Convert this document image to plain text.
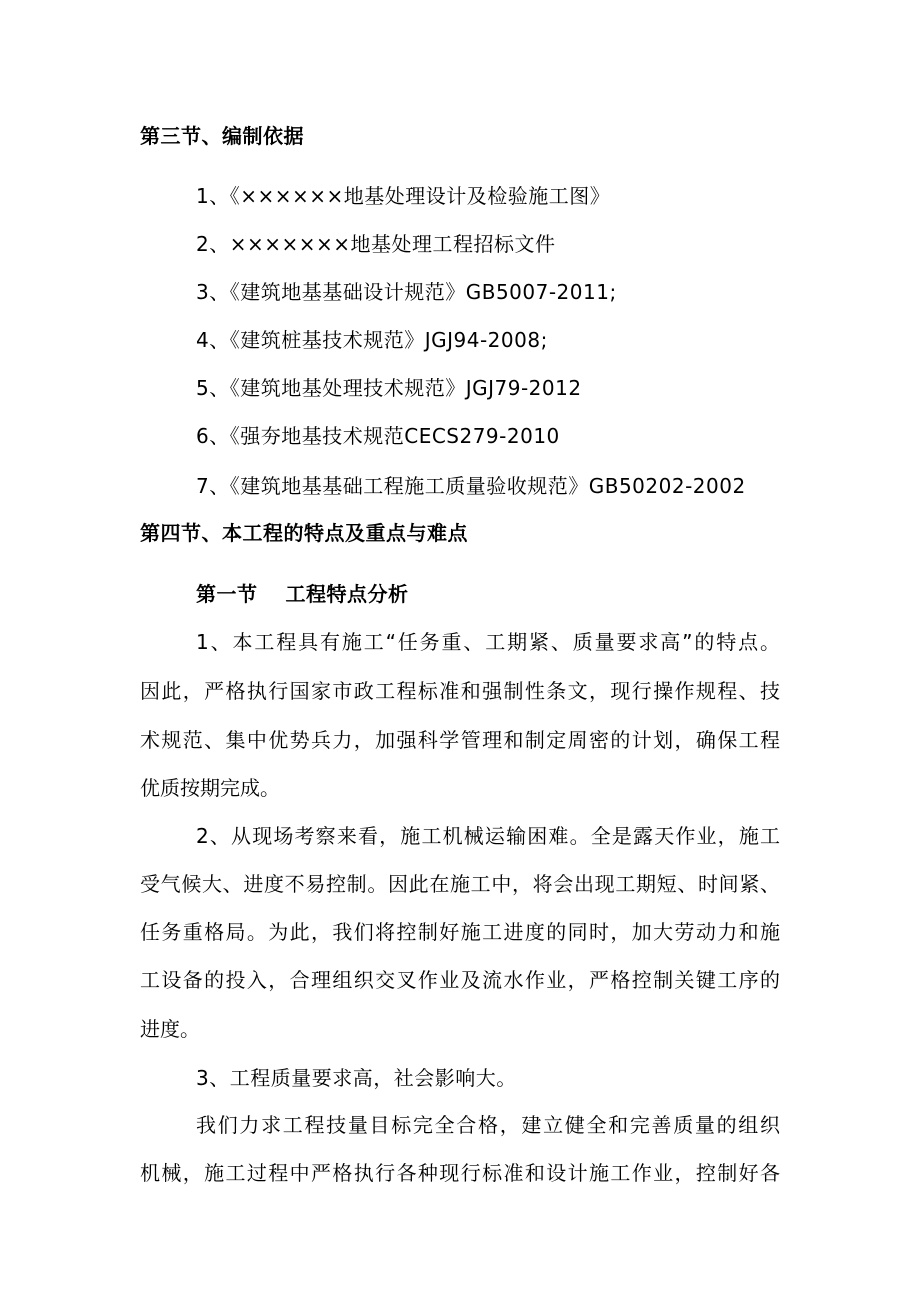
第三节、编制依据
1、《××××××地基处理设计及检验施工图》
2、×××××××地基处理工程招标文件
3、《建筑地基基础设计规范》GB5007-2011;
4、《建筑桩基技术规范》JGJ94-2008;
5、《建筑地基处理技术规范》JGJ79-2012
6、《强夯地基技术规范CECS279-2010
7、《建筑地基基础工程施工质量验收规范》GB50202-2002
第四节、本工程的特点及重点与难点
第一节 工程特点分析
1、本工程具有施工“任务重、工期紧、质量要求高”的特点。
因此，严格执行国家市政工程标准和强制性条文，现行操作规程、技
术规范、集中优势兵力，加强科学管理和制定周密的计划，确保工程
优质按期完成。
2、从现场考察来看，施工机械运输困难。全是露天作业，施工
受气候大、进度不易控制。因此在施工中，将会出现工期短、时间紧、
任务重格局。为此，我们将控制好施工进度的同时，加大劳动力和施
工设备的投入，合理组织交叉作业及流水作业，严格控制关键工序的
进度。
3、工程质量要求高，社会影响大。
我们力求工程技量目标完全合格，建立健全和完善质量的组织
机械，施工过程中严格执行各种现行标准和设计施工作业，控制好各
